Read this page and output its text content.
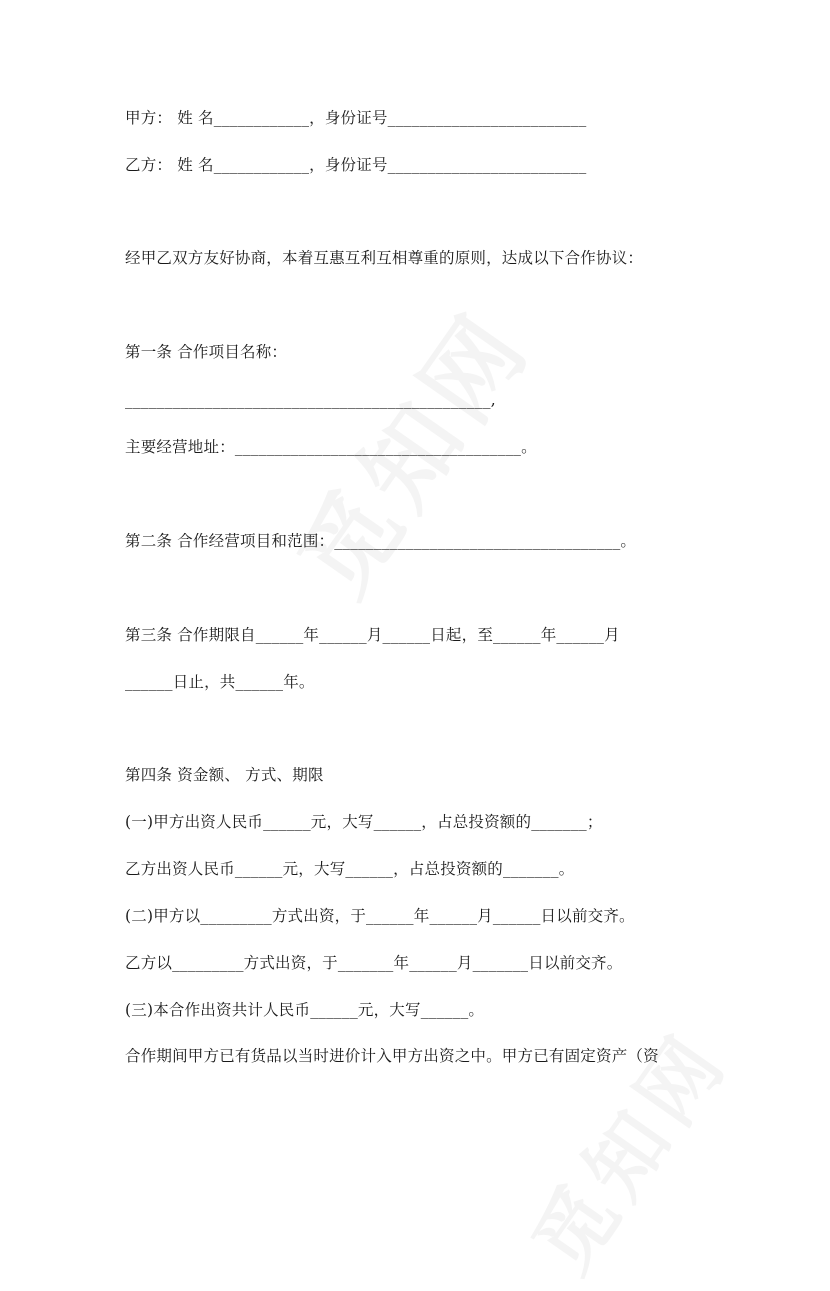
甲方： 姓 名____________，身份证号_________________________
乙方： 姓 名____________，身份证号_________________________
经甲乙双方友好协商，本着互惠互利互相尊重的原则，达成以下合作协议：
第一条 合作项目名称：
______________________________________________,
主要经营地址：____________________________________。
第二条 合作经营项目和范围：____________________________________。
第三条 合作期限自______年______月______日起，至______年______月
______日止，共______年。
第四条 资金额、 方式、期限
(一)甲方出资人民币______元，大写______，占总投资额的_______；
乙方出资人民币______元，大写______，占总投资额的_______。
(二)甲方以_________方式出资，于______年______月______日以前交齐。
乙方以_________方式出资，于_______年______月_______日以前交齐。
(三)本合作出资共计人民币______元，大写______。
合作期间甲方已有货品以当时进价计入甲方出资之中。甲方已有固定资产（资
